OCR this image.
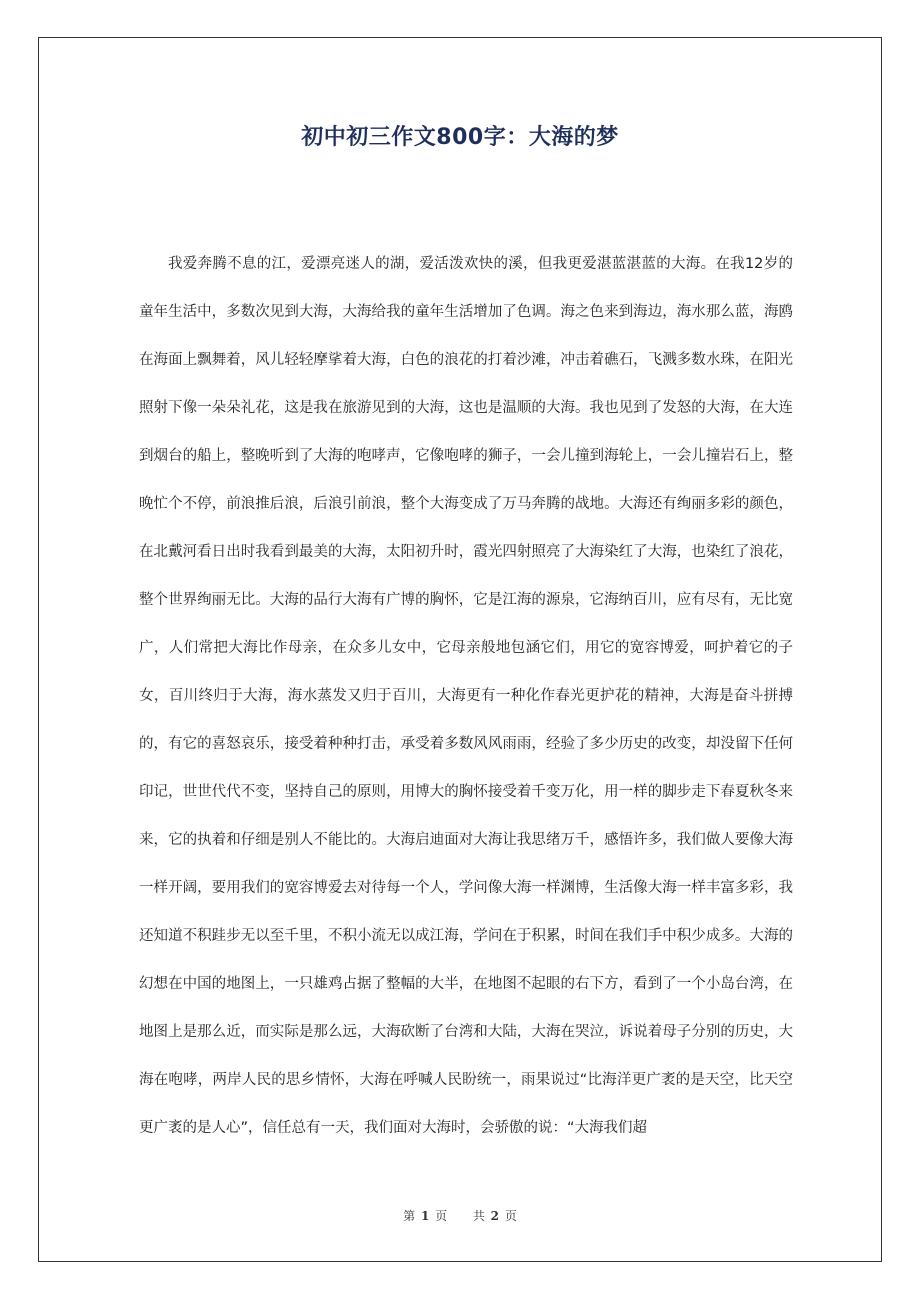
初中初三作文800字：大海的梦

我爱奔腾不息的江，爱漂亮迷人的湖，爱活泼欢快的溪，但我更爱湛蓝湛蓝的大海。在我12岁的童年生活中，多数次见到大海，大海给我的童年生活增加了色调。海之色来到海边，海水那么蓝，海鸥在海面上飘舞着，风儿轻轻摩挲着大海，白色的浪花的打着沙滩，冲击着礁石，飞溅多数水珠，在阳光照射下像一朵朵礼花，这是我在旅游见到的大海，这也是温顺的大海。我也见到了发怒的大海，在大连到烟台的船上，整晚听到了大海的咆哮声，它像咆哮的狮子，一会儿撞到海轮上，一会儿撞岩石上，整晚忙个不停，前浪推后浪，后浪引前浪，整个大海变成了万马奔腾的战地。大海还有绚丽多彩的颜色，在北戴河看日出时我看到最美的大海，太阳初升时，霞光四射照亮了大海染红了大海，也染红了浪花，整个世界绚丽无比。大海的品行大海有广博的胸怀，它是江海的源泉，它海纳百川，应有尽有，无比宽广，人们常把大海比作母亲，在众多儿女中，它母亲般地包涵它们，用它的宽容博爱，呵护着它的子女，百川终归于大海，海水蒸发又归于百川，大海更有一种化作春光更护花的精神，大海是奋斗拼搏的，有它的喜怒哀乐，接受着种种打击，承受着多数风风雨雨，经验了多少历史的改变，却没留下任何印记，世世代代不变，坚持自己的原则，用博大的胸怀接受着千变万化，用一样的脚步走下春夏秋冬来来，它的执着和仔细是别人不能比的。大海启迪面对大海让我思绪万千，感悟许多，我们做人要像大海一样开阔，要用我们的宽容博爱去对待每一个人，学问像大海一样渊博，生活像大海一样丰富多彩，我还知道不积跬步无以至千里，不积小流无以成江海，学问在于积累，时间在我们手中积少成多。大海的幻想在中国的地图上，一只雄鸡占据了整幅的大半，在地图不起眼的右下方，看到了一个小岛台湾，在地图上是那么近，而实际是那么远，大海砍断了台湾和大陆，大海在哭泣，诉说着母子分别的历史，大海在咆哮，两岸人民的思乡情怀，大海在呼喊人民盼统一，雨果说过“比海洋更广袤的是天空，比天空更广袤的是人心”，信任总有一天，我们面对大海时，会骄傲的说：“大海我们超

第 1 页 共 2 页
